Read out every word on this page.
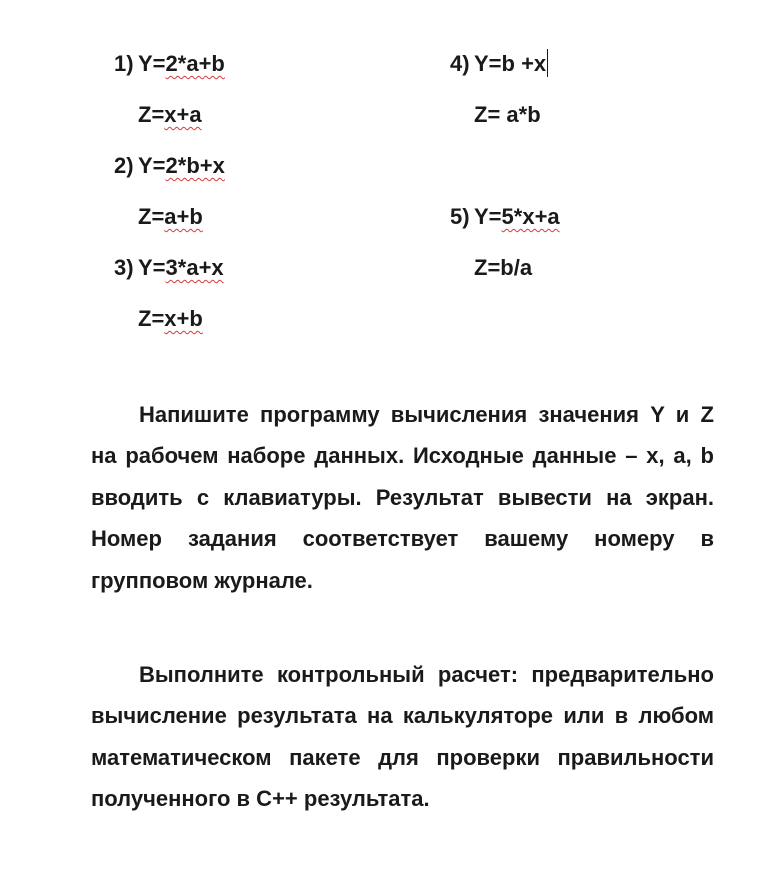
1) Y=2*a+b
Z=x+a
2) Y=2*b+x
Z=a+b
3) Y=3*a+x
Z=x+b
4) Y=b +x
Z= a*b
5) Y=5*x+a
Z=b/a

Напишите программу вычисления значения Y и Z на рабочем наборе данных. Исходные данные – x, a, b вводить с клавиатуры. Результат вывести на экран. Номер задания соответствует вашему номеру в групповом журнале.

Выполните контрольный расчет: предварительно вычисление результата на калькуляторе или в любом математическом пакете для проверки правильности полученного в С++ результата.
